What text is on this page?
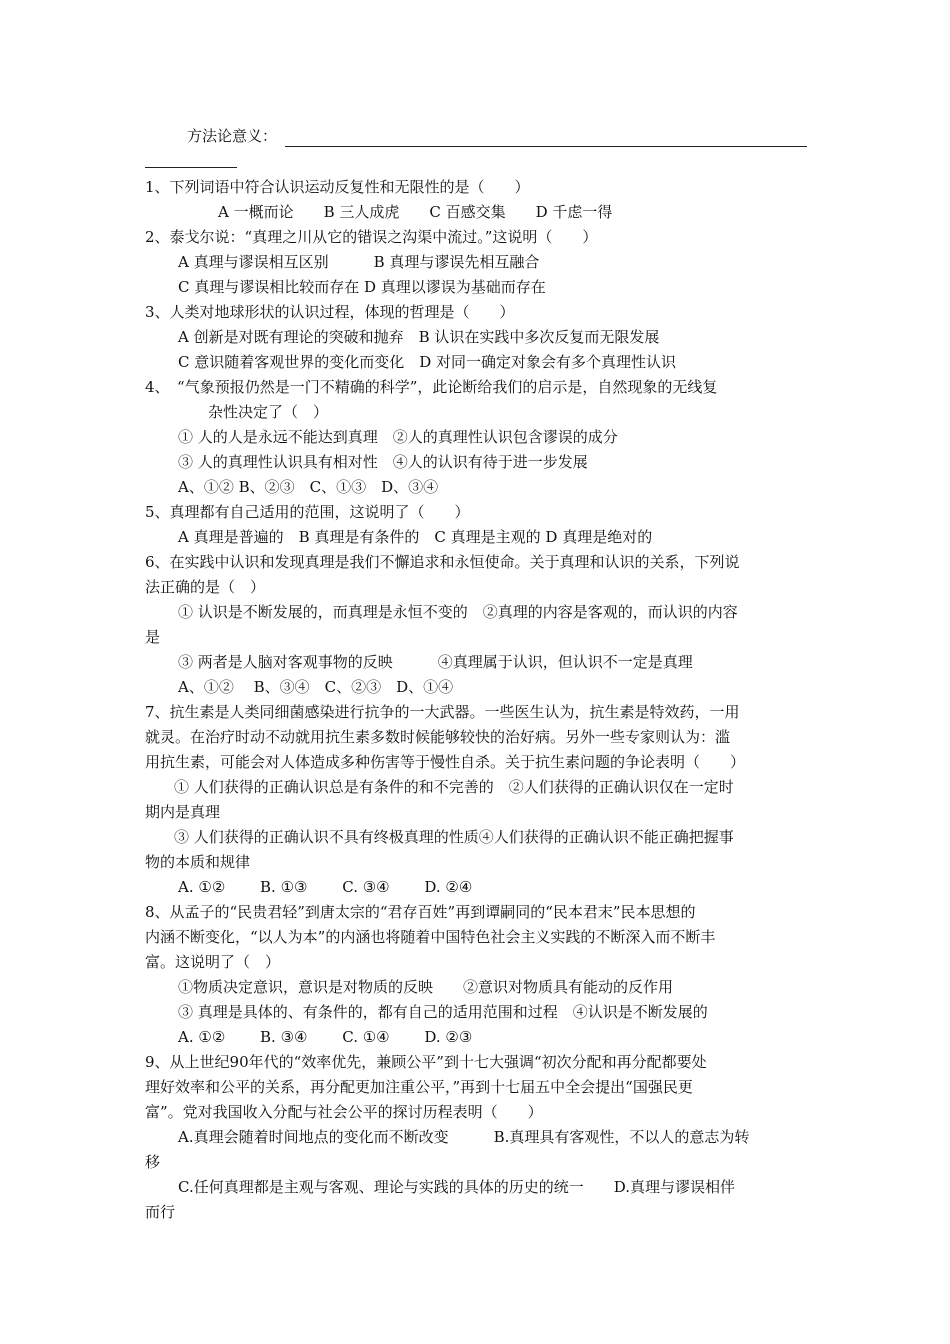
方法论意义：
1、下列词语中符合认识运动反复性和无限性的是（　　）
A 一概而论　　B 三人成虎　　C 百感交集　　D 千虑一得
2、泰戈尔说：“真理之川从它的错误之沟渠中流过。”这说明（　　）
A 真理与谬误相互区别　　　B 真理与谬误先相互融合
C 真理与谬误相比较而存在 D 真理以谬误为基础而存在
3、人类对地球形状的认识过程，体现的哲理是（　　）
A 创新是对既有理论的突破和抛弃　B 认识在实践中多次反复而无限发展
C 意识随着客观世界的变化而变化　D 对同一确定对象会有多个真理性认识
4、　“气象预报仍然是一门不精确的科学”，此论断给我们的启示是，自然现象的无线复
杂性决定了（　）
① 人的人是永远不能达到真理　②人的真理性认识包含谬误的成分
③ 人的真理性认识具有相对性　④人的认识有待于进一步发展
A、①② B、②③　C、①③　D、③④
5、真理都有自己适用的范围，这说明了（　　）
A 真理是普遍的　B 真理是有条件的　C 真理是主观的 D 真理是绝对的
6、在实践中认识和发现真理是我们不懈追求和永恒使命。关于真理和认识的关系，下列说
法正确的是（　）
① 认识是不断发展的，而真理是永恒不变的　②真理的内容是客观的，而认识的内容
是
③ 两者是人脑对客观事物的反映　　　④真理属于认识，但认识不一定是真理
A、①②　 B、③④　C、②③　D、①④
7、抗生素是人类同细菌感染进行抗争的一大武器。一些医生认为，抗生素是特效药，一用
就灵。在治疗时动不动就用抗生素多数时候能够较快的治好病。另外一些专家则认为：滥
用抗生素，可能会对人体造成多种伤害等于慢性自杀。关于抗生素问题的争论表明（　　）
① 人们获得的正确认识总是有条件的和不完善的　②人们获得的正确认识仅在一定时
期内是真理
③ 人们获得的正确认识不具有终极真理的性质④人们获得的正确认识不能正确把握事
物的本质和规律
A. ①②　　 B. ①③　　 C. ③④　　 D. ②④
8、从孟子的“民贵君轻”到唐太宗的“君存百姓”再到谭嗣同的“民本君末”民本思想的
内涵不断变化，“以人为本”的内涵也将随着中国特色社会主义实践的不断深入而不断丰
富。这说明了（　）
①物质决定意识，意识是对物质的反映　　②意识对物质具有能动的反作用
③ 真理是具体的、有条件的，都有自己的适用范围和过程　④认识是不断发展的
A. ①②　　 B. ③④　　 C. ①④　　 D. ②③
9、从上世纪90年代的“效率优先，兼顾公平”到十七大强调“初次分配和再分配都要处
理好效率和公平的关系，再分配更加注重公平，”再到十七届五中全会提出“国强民更
富”。党对我国收入分配与社会公平的探讨历程表明（　　）
A.真理会随着时间地点的变化而不断改变　　　B.真理具有客观性，不以人的意志为转
移
C.任何真理都是主观与客观、理论与实践的具体的历史的统一　　D.真理与谬误相伴
而行
